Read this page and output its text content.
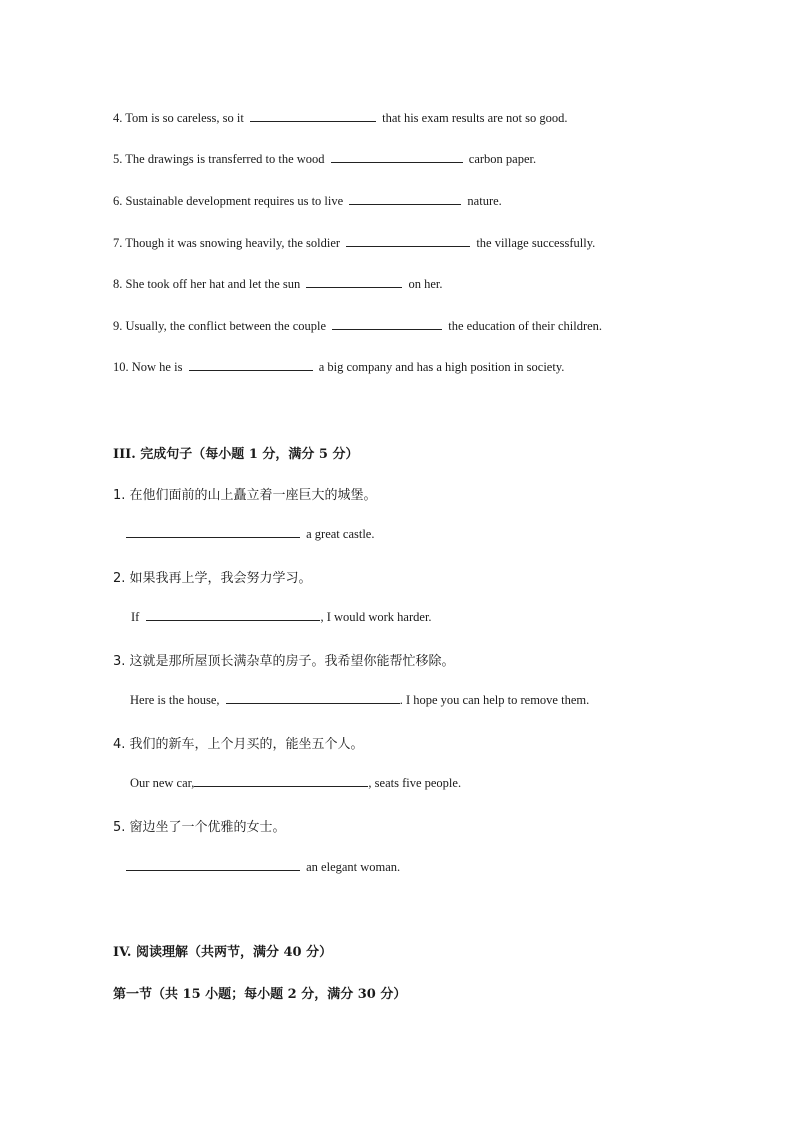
4. Tom is so careless, so it	that his exam results are not so good.
5. The drawings is transferred to the wood	carbon paper.
6. Sustainable development requires us to live	nature.
7. Though it was snowing heavily, the soldier	the village successfully.
8. She took off her hat and let the sun	on her.
9. Usually, the conflict between the couple	the education of their children.
10. Now he is	a big company and has a high position in society.
III. 完成句子（每小题 1 分，满分 5 分）
1. 在他们面前的山上矗立着一座巨大的城堡。
a great castle.
2. 如果我再上学，我会努力学习。
If	, I would work harder.
3. 这就是那所屋顶长满杂草的房子。我希望你能帮忙移除。
Here is the house,	. I hope you can help to remove them.
4. 我们的新车，上个月买的，能坐五个人。
Our new car,	, seats five people.
5. 窗边坐了一个优雅的女士。
an elegant woman.
IV. 阅读理解（共两节，满分 40 分）
第一节（共 15 小题；每小题 2 分，满分 30 分）
